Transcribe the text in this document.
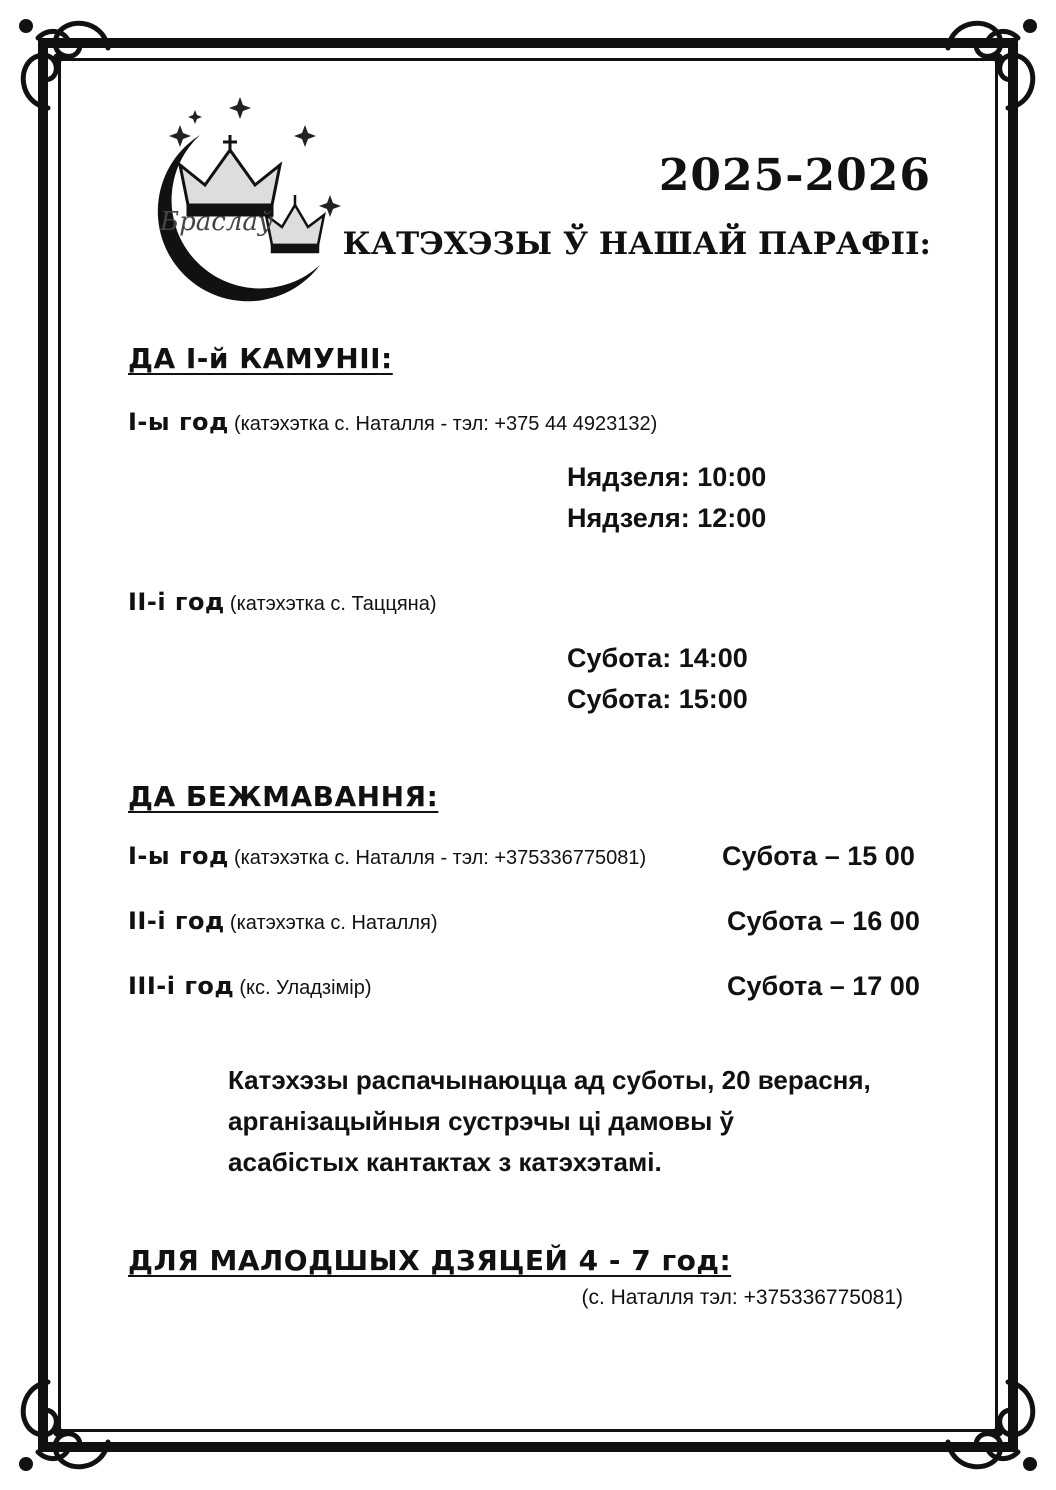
Браслаў
2025-2026
КАТЭХЭЗЫ Ў НАШАЙ ПАРАФІІ:
ДА І-й КАМУНІІ:
І-ы год (катэхэтка с. Наталля - тэл: +375 44 4923132)
Нядзеля: 10:00
Нядзеля: 12:00
ІІ-і год (катэхэтка с. Таццяна)
Субота: 14:00
Субота: 15:00
ДА БЕЖМАВАННЯ:
І-ы год (катэхэтка с. Наталля - тэл: +375336775081)	Субота – 15 00
ІІ-і год (катэхэтка с. Наталля)	Субота – 16 00
ІІІ-і год (кс. Уладзімір)	Субота – 17 00
Катэхэзы распачынаюцца ад суботы, 20 верасня,
арганізацыйныя сустрэчы ці дамовы ў
асабістых кантактах з катэхэтамі.
ДЛЯ МАЛОДШЫХ ДЗЯЦЕЙ 4 - 7 год:
(с. Наталля тэл: +375336775081)
